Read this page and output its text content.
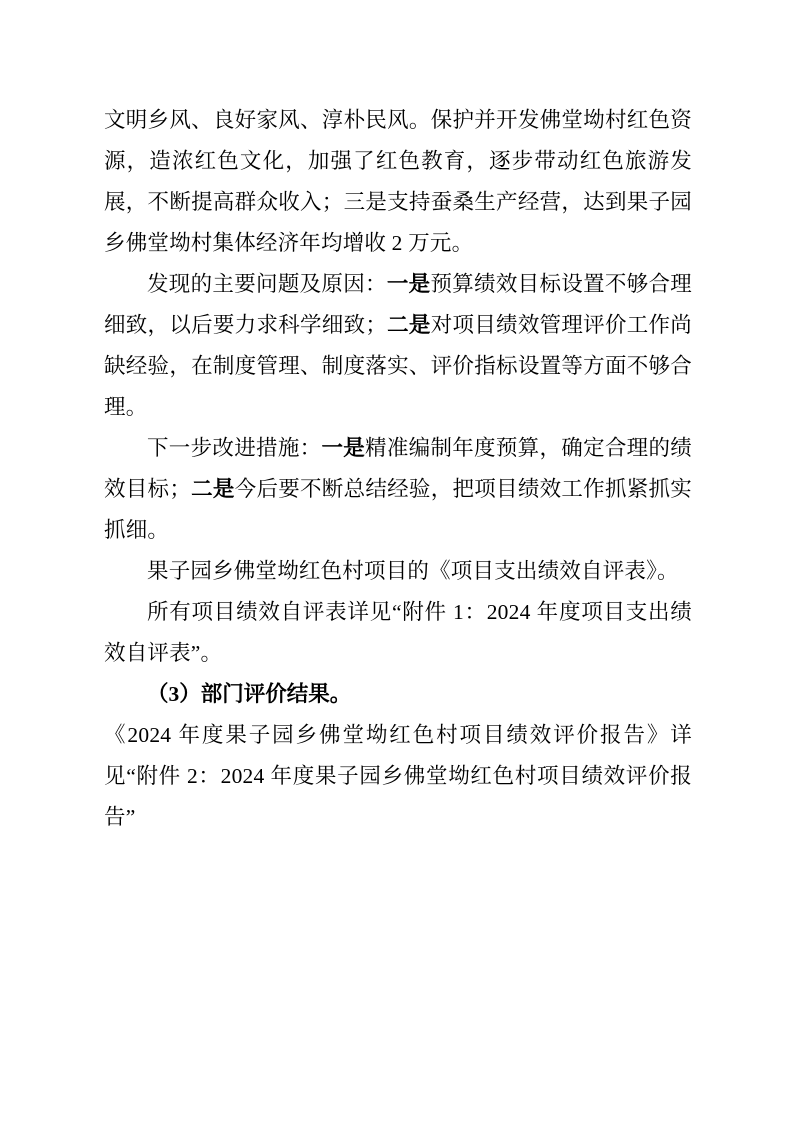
文明乡风、良好家风、淳朴民风。保护并开发佛堂坳村红色资源，造浓红色文化，加强了红色教育，逐步带动红色旅游发展，不断提高群众收入；三是支持蚕桑生产经营，达到果子园乡佛堂坳村集体经济年均增收 2 万元。

发现的主要问题及原因：一是预算绩效目标设置不够合理细致，以后要力求科学细致；二是对项目绩效管理评价工作尚缺经验，在制度管理、制度落实、评价指标设置等方面不够合理。

下一步改进措施：一是精准编制年度预算，确定合理的绩效目标；二是今后要不断总结经验，把项目绩效工作抓紧抓实抓细。

果子园乡佛堂坳红色村项目的《项目支出绩效自评表》。

所有项目绩效自评表详见“附件 1：2024 年度项目支出绩效自评表”。

（3）部门评价结果。

《2024 年度果子园乡佛堂坳红色村项目绩效评价报告》详见“附件 2：2024 年度果子园乡佛堂坳红色村项目绩效评价报告”
